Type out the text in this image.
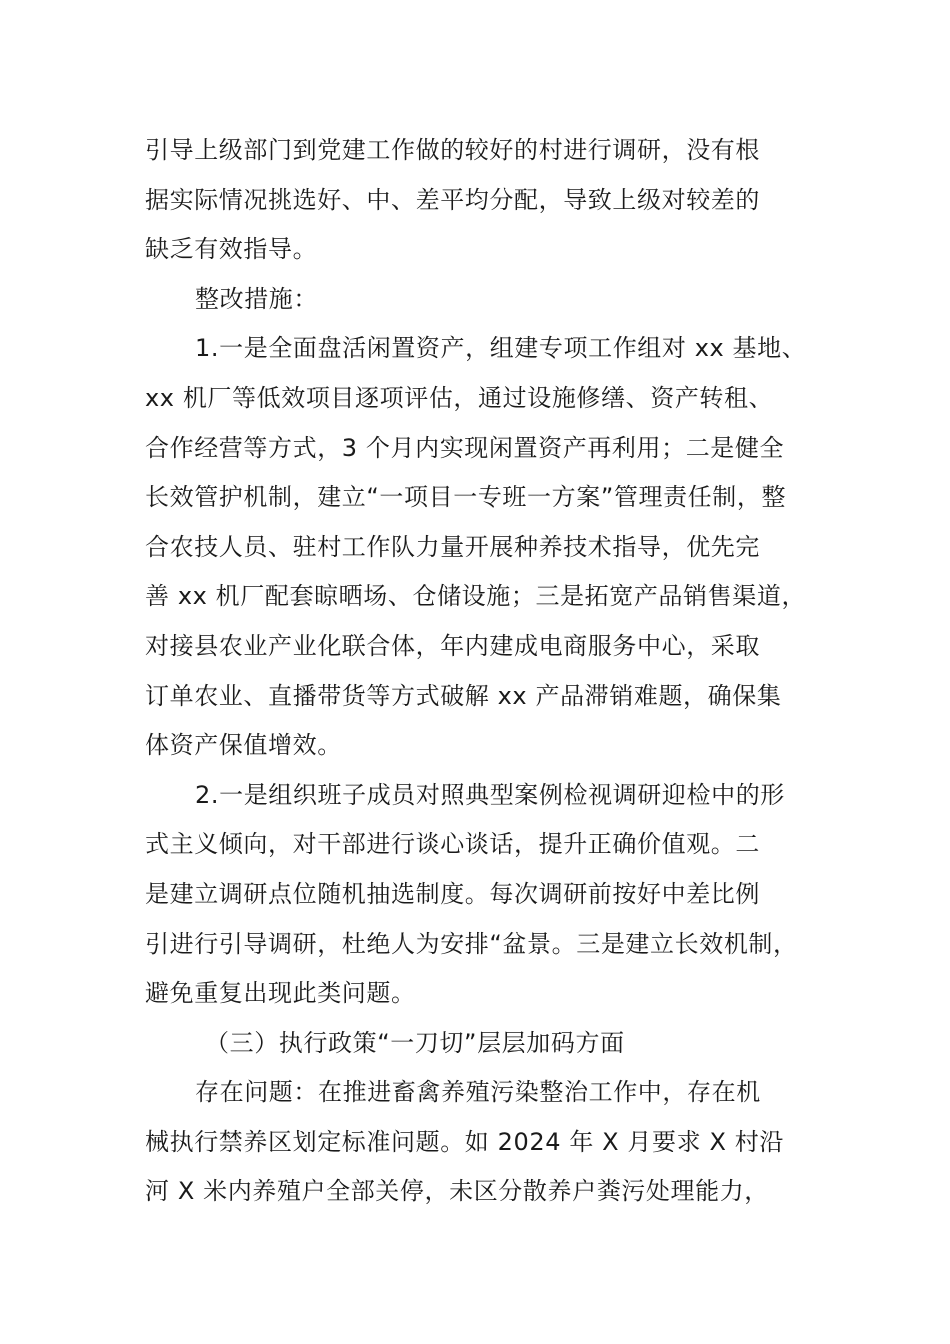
引导上级部门到党建工作做的较好的村进行调研，没有根
据实际情况挑选好、中、差平均分配，导致上级对较差的
缺乏有效指导。
整改措施：
1.一是全面盘活闲置资产，组建专项工作组对 xx 基地、
xx 机厂等低效项目逐项评估，通过设施修缮、资产转租、
合作经营等方式，3 个月内实现闲置资产再利用；二是健全
长效管护机制，建立“一项目一专班一方案”管理责任制，整
合农技人员、驻村工作队力量开展种养技术指导，优先完
善 xx 机厂配套晾晒场、仓储设施；三是拓宽产品销售渠道，
对接县农业产业化联合体，年内建成电商服务中心，采取
订单农业、直播带货等方式破解 xx 产品滞销难题，确保集
体资产保值增效。
2.一是组织班子成员对照典型案例检视调研迎检中的形
式主义倾向，对干部进行谈心谈话，提升正确价值观。二
是建立调研点位随机抽选制度。每次调研前按好中差比例
引进行引导调研，杜绝人为安排“盆景。三是建立长效机制，
避免重复出现此类问题。
（三）执行政策“一刀切”层层加码方面
存在问题：在推进畜禽养殖污染整治工作中，存在机
械执行禁养区划定标准问题。如 2024 年 X 月要求 X 村沿
河 X 米内养殖户全部关停，未区分散养户粪污处理能力，
